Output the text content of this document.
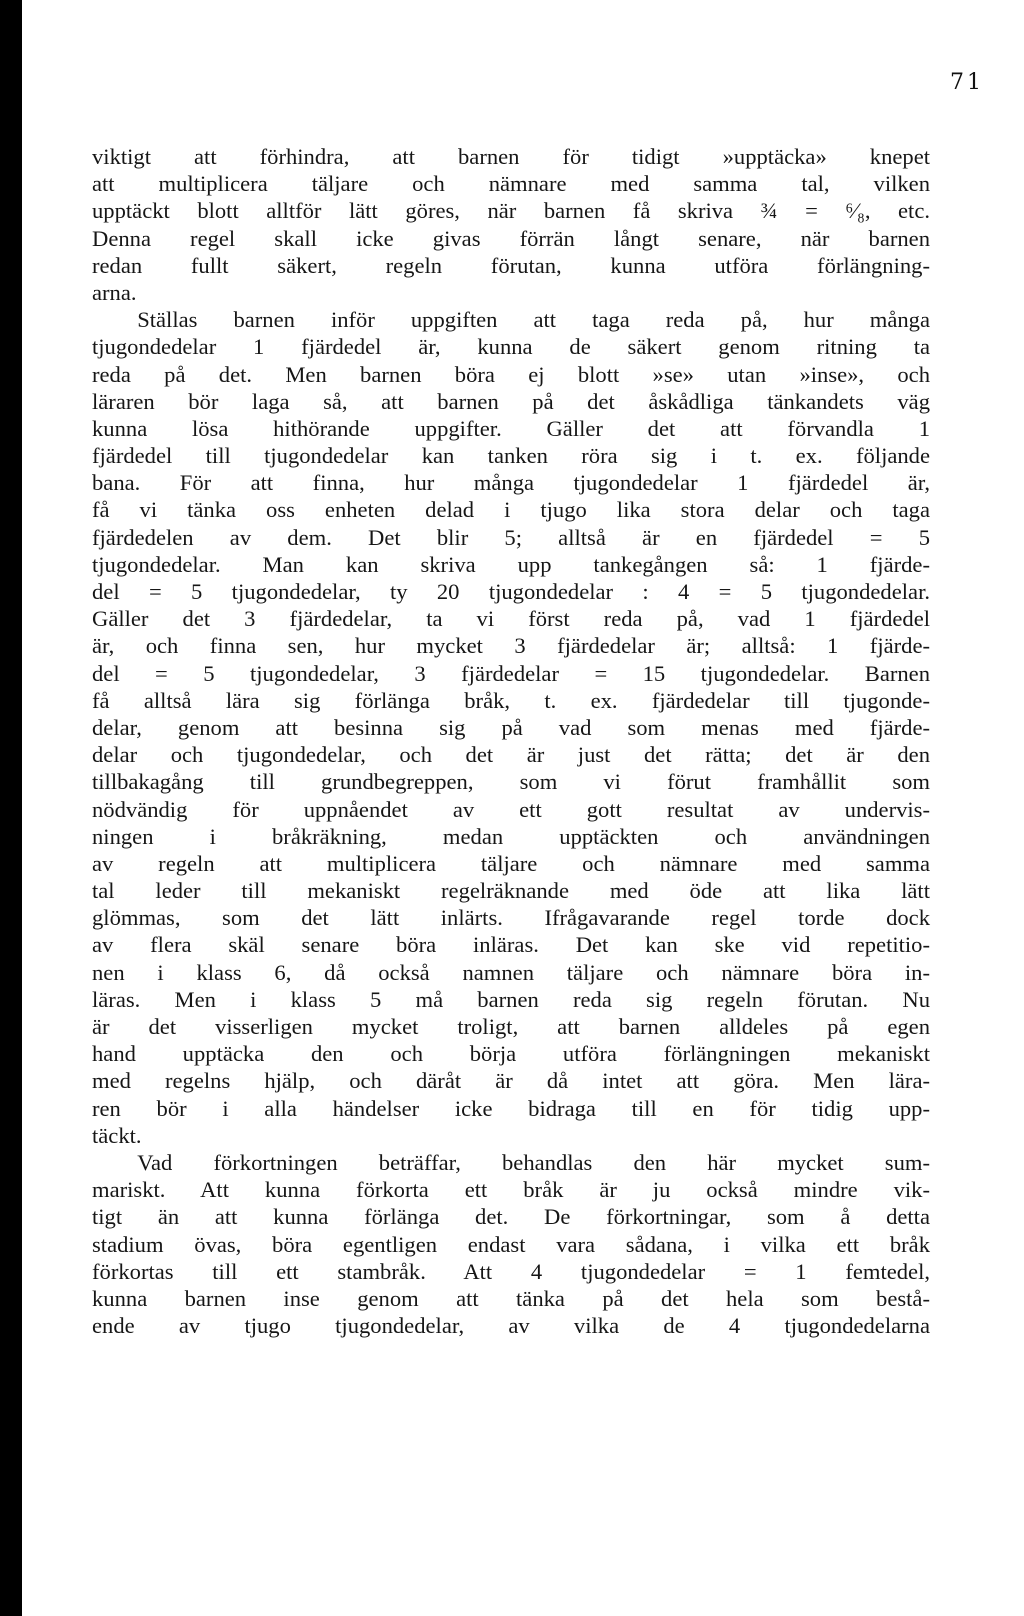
71
viktigt att förhindra, att barnen för tidigt »upptäcka» knepet
att multiplicera täljare och nämnare med samma tal, vilken
upptäckt blott alltför lätt göres, när barnen få skriva ¾ = ⁶⁄₈, etc.
Denna regel skall icke givas förrän långt senare, när barnen
redan fullt säkert, regeln förutan, kunna utföra förlängning-
arna.
  Ställas barnen inför uppgiften att taga reda på, hur många
tjugondedelar 1 fjärdedel är, kunna de säkert genom ritning ta
reda på det. Men barnen böra ej blott »se» utan »inse», och
läraren bör laga så, att barnen på det åskådliga tänkandets väg
kunna lösa hithörande uppgifter. Gäller det att förvandla 1
fjärdedel till tjugondedelar kan tanken röra sig i t. ex. följande
bana. För att finna, hur många tjugondedelar 1 fjärdedel är,
få vi tänka oss enheten delad i tjugo lika stora delar och taga
fjärdedelen av dem. Det blir 5; alltså är en fjärdedel = 5
tjugondedelar. Man kan skriva upp tankegången så: 1 fjärde-
del = 5 tjugondedelar, ty 20 tjugondedelar : 4 = 5 tjugondedelar.
Gäller det 3 fjärdedelar, ta vi först reda på, vad 1 fjärdedel
är, och finna sen, hur mycket 3 fjärdedelar är; alltså: 1 fjärde-
del = 5 tjugondedelar, 3 fjärdedelar = 15 tjugondedelar. Barnen
få alltså lära sig förlänga bråk, t. ex. fjärdedelar till tjugonde-
delar, genom att besinna sig på vad som menas med fjärde-
delar och tjugondedelar, och det är just det rätta; det är den
tillbakagång till grundbegreppen, som vi förut framhållit som
nödvändig för uppnåendet av ett gott resultat av undervis-
ningen i bråkräkning, medan upptäckten och användningen
av regeln att multiplicera täljare och nämnare med samma
tal leder till mekaniskt regelräknande med öde att lika lätt
glömmas, som det lätt inlärts. Ifrågavarande regel torde dock
av flera skäl senare böra inläras. Det kan ske vid repetitio-
nen i klass 6, då också namnen täljare och nämnare böra in-
läras. Men i klass 5 må barnen reda sig regeln förutan. Nu
är det visserligen mycket troligt, att barnen alldeles på egen
hand upptäcka den och börja utföra förlängningen mekaniskt
med regelns hjälp, och däråt är då intet att göra. Men lära-
ren bör i alla händelser icke bidraga till en för tidig upp-
täckt.
  Vad förkortningen beträffar, behandlas den här mycket sum-
mariskt. Att kunna förkorta ett bråk är ju också mindre vik-
tigt än att kunna förlänga det. De förkortningar, som å detta
stadium övas, böra egentligen endast vara sådana, i vilka ett bråk
förkortas till ett stambråk. Att 4 tjugondedelar = 1 femtedel,
kunna barnen inse genom att tänka på det hela som bestå-
ende av tjugo tjugondedelar, av vilka de 4 tjugondedelarna
